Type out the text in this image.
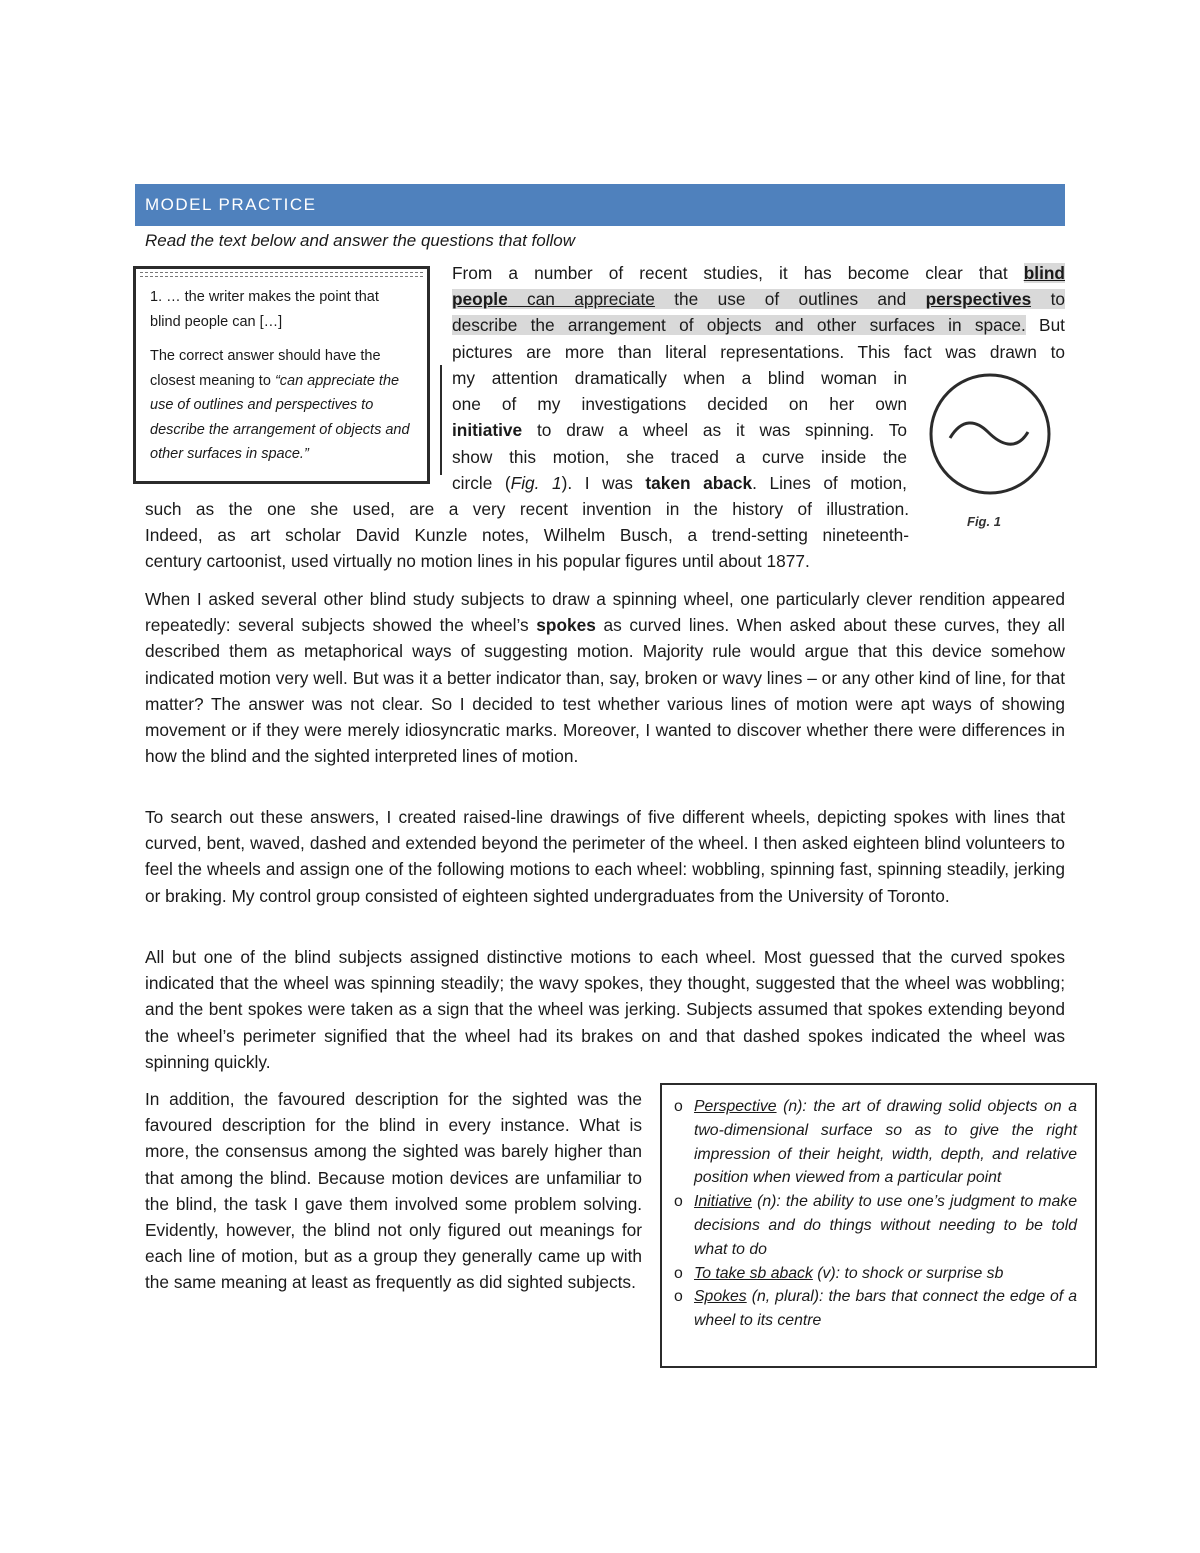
MODEL PRACTICE
Read the text below and answer the questions that follow

1. … the writer makes the point that blind people can […]

The correct answer should have the closest meaning to “can appreciate the use of outlines and perspectives to describe the arrangement of objects and other surfaces in space.”

From a number of recent studies, it has become clear that blind

people can appreciate the use of outlines and perspectives to

describe the arrangement of objects and other surfaces in space. But

pictures are more than literal representations. This fact was drawn to

my attention dramatically when a blind woman in

one of my investigations decided on her own

initiative to draw a wheel as it was spinning. To

show this motion, she traced a curve inside the

circle (Fig. 1). I was taken aback. Lines of motion,

such as the one she used, are a very recent invention in the history of illustration.

Indeed, as art scholar David Kunzle notes, Wilhelm Busch, a trend-setting nineteenth-

century cartoonist, used virtually no motion lines in his popular figures until about 1877.

Fig. 1

When I asked several other blind study subjects to draw a spinning wheel, one particularly clever rendition appeared repeatedly: several subjects showed the wheel’s spokes as curved lines. When asked about these curves, they all described them as metaphorical ways of suggesting motion. Majority rule would argue that this device somehow indicated motion very well. But was it a better indicator than, say, broken or wavy lines – or any other kind of line, for that matter? The answer was not clear. So I decided to test whether various lines of motion were apt ways of showing movement or if they were merely idiosyncratic marks. Moreover, I wanted to discover whether there were differences in how the blind and the sighted interpreted lines of motion.

To search out these answers, I created raised-line drawings of five different wheels, depicting spokes with lines that curved, bent, waved, dashed and extended beyond the perimeter of the wheel. I then asked eighteen blind volunteers to feel the wheels and assign one of the following motions to each wheel: wobbling, spinning fast, spinning steadily, jerking or braking. My control group consisted of eighteen sighted undergraduates from the University of Toronto.

All but one of the blind subjects assigned distinctive motions to each wheel. Most guessed that the curved spokes indicated that the wheel was spinning steadily; the wavy spokes, they thought, suggested that the wheel was wobbling; and the bent spokes were taken as a sign that the wheel was jerking. Subjects assumed that spokes extending beyond the wheel’s perimeter signified that the wheel had its brakes on and that dashed spokes indicated the wheel was spinning quickly.

In addition, the favoured description for the sighted was the favoured description for the blind in every instance. What is more, the consensus among the sighted was barely higher than that among the blind. Because motion devices are unfamiliar to the blind, the task I gave them involved some problem solving. Evidently, however, the blind not only figured out meanings for each line of motion, but as a group they generally came up with the same meaning at least as frequently as did sighted subjects.

o Perspective (n): the art of drawing solid objects on a two-dimensional surface so as to give the right impression of their height, width, depth, and relative position when viewed from a particular point
o Initiative (n): the ability to use one’s judgment to make decisions and do things without needing to be told what to do
o To take sb aback (v): to shock or surprise sb
o Spokes (n, plural): the bars that connect the edge of a wheel to its centre
